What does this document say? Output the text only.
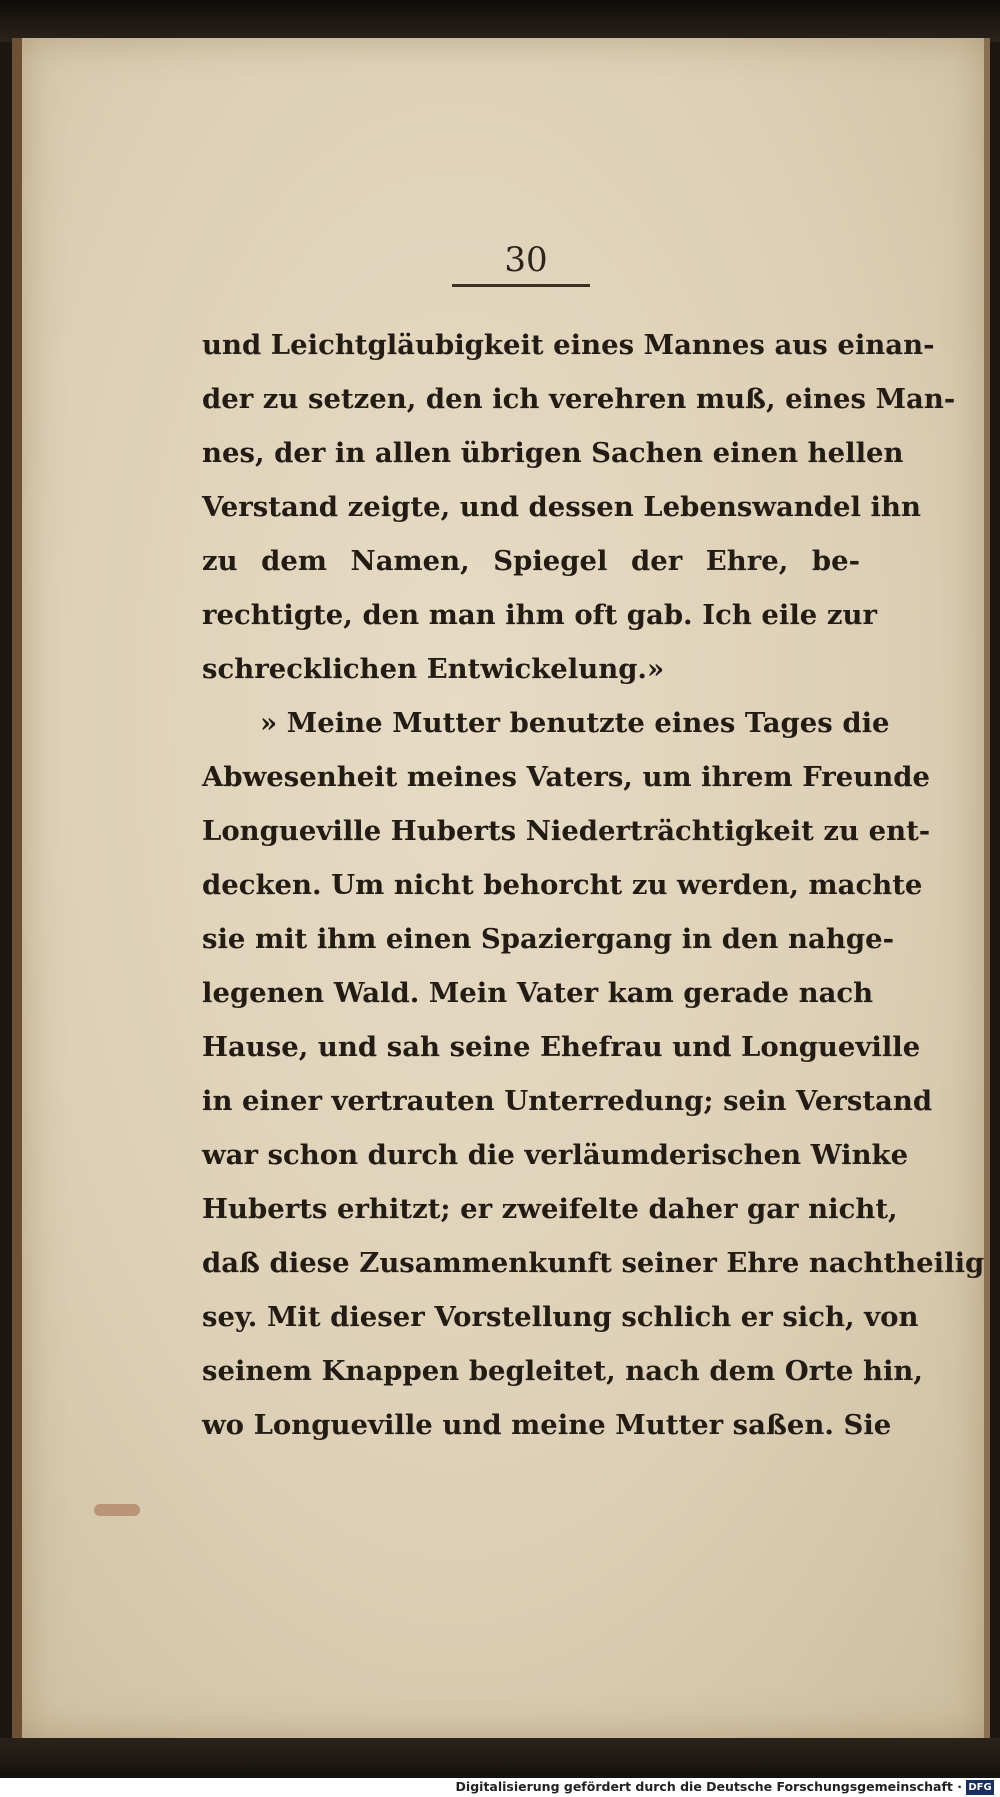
30
und Leichtgläubigkeit eines Mannes aus einan-
der zu setzen, den ich verehren muß, eines Man-
nes, der in allen übrigen Sachen einen hellen
Verstand zeigte, und dessen Lebenswandel ihn
zu dem Namen, Spiegel der Ehre, be-
rechtigte, den man ihm oft gab. Ich eile zur
schrecklichen Entwickelung.»
» Meine Mutter benutzte eines Tages die
Abwesenheit meines Vaters, um ihrem Freunde
Longueville Huberts Niederträchtigkeit zu ent-
decken. Um nicht behorcht zu werden, machte
sie mit ihm einen Spaziergang in den nahge-
legenen Wald. Mein Vater kam gerade nach
Hause, und sah seine Ehefrau und Longueville
in einer vertrauten Unterredung; sein Verstand
war schon durch die verläumderischen Winke
Huberts erhitzt; er zweifelte daher gar nicht,
daß diese Zusammenkunft seiner Ehre nachtheilig
sey. Mit dieser Vorstellung schlich er sich, von
seinem Knappen begleitet, nach dem Orte hin,
wo Longueville und meine Mutter saßen. Sie
Digitalisierung gefördert durch die Deutsche Forschungsgemeinschaft · DFG
